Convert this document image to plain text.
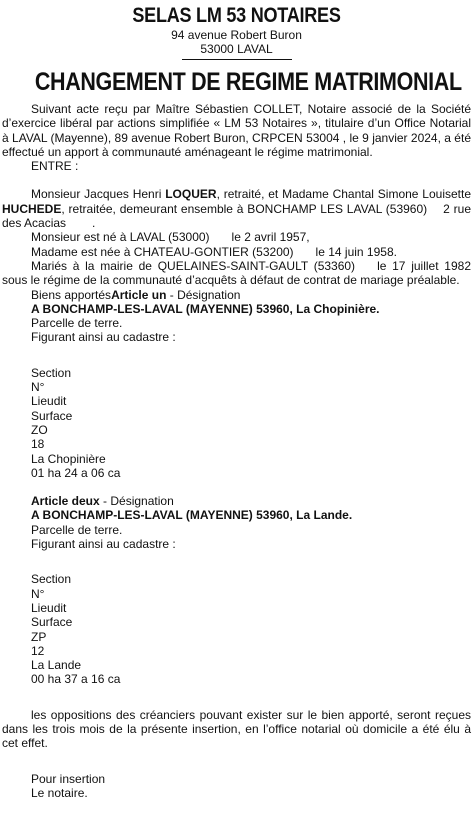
SELAS LM 53 NOTAIRES
94 avenue Robert Buron
53000 LAVAL
CHANGEMENT DE REGIME MATRIMONIAL
Suivant acte reçu par Maître Sébastien COLLET, Notaire associé de la Société d’exercice libéral par actions simplifiée « LM 53 Notaires », titulaire d’un Office Notarial à LAVAL (Mayenne), 89 avenue Robert Buron, CRPCEN 53004 , le 9 janvier 2024, a été effectué un apport à communauté aménageant le régime matrimonial.
ENTRE :
Monsieur Jacques Henri LOQUER, retraité, et Madame Chantal Simone Louisette HUCHEDE, retraitée, demeurant ensemble à BONCHAMP LES LAVAL (53960) 2 rue des Acacias .
Monsieur est né à LAVAL (53000) le 2 avril 1957,
Madame est née à CHATEAU-GONTIER (53200) le 14 juin 1958.
Mariés à la mairie de QUELAINES-SAINT-GAULT (53360) le 17 juillet 1982 sous le régime de la communauté d’acquêts à défaut de contrat de mariage préalable.
Biens apportésArticle un - Désignation
A BONCHAMP-LES-LAVAL (MAYENNE) 53960, La Chopinière.
Parcelle de terre.
Figurant ainsi au cadastre :
Section
N°
Lieudit
Surface
ZO
18
La Chopinière
01 ha 24 a 06 ca
Article deux - Désignation
A BONCHAMP-LES-LAVAL (MAYENNE) 53960, La Lande.
Parcelle de terre.
Figurant ainsi au cadastre :
Section
N°
Lieudit
Surface
ZP
12
La Lande
00 ha 37 a 16 ca
les oppositions des créanciers pouvant exister sur le bien apporté, seront reçues dans les trois mois de la présente insertion, en l’office notarial où domicile a été élu à cet effet.
Pour insertion
Le notaire.
